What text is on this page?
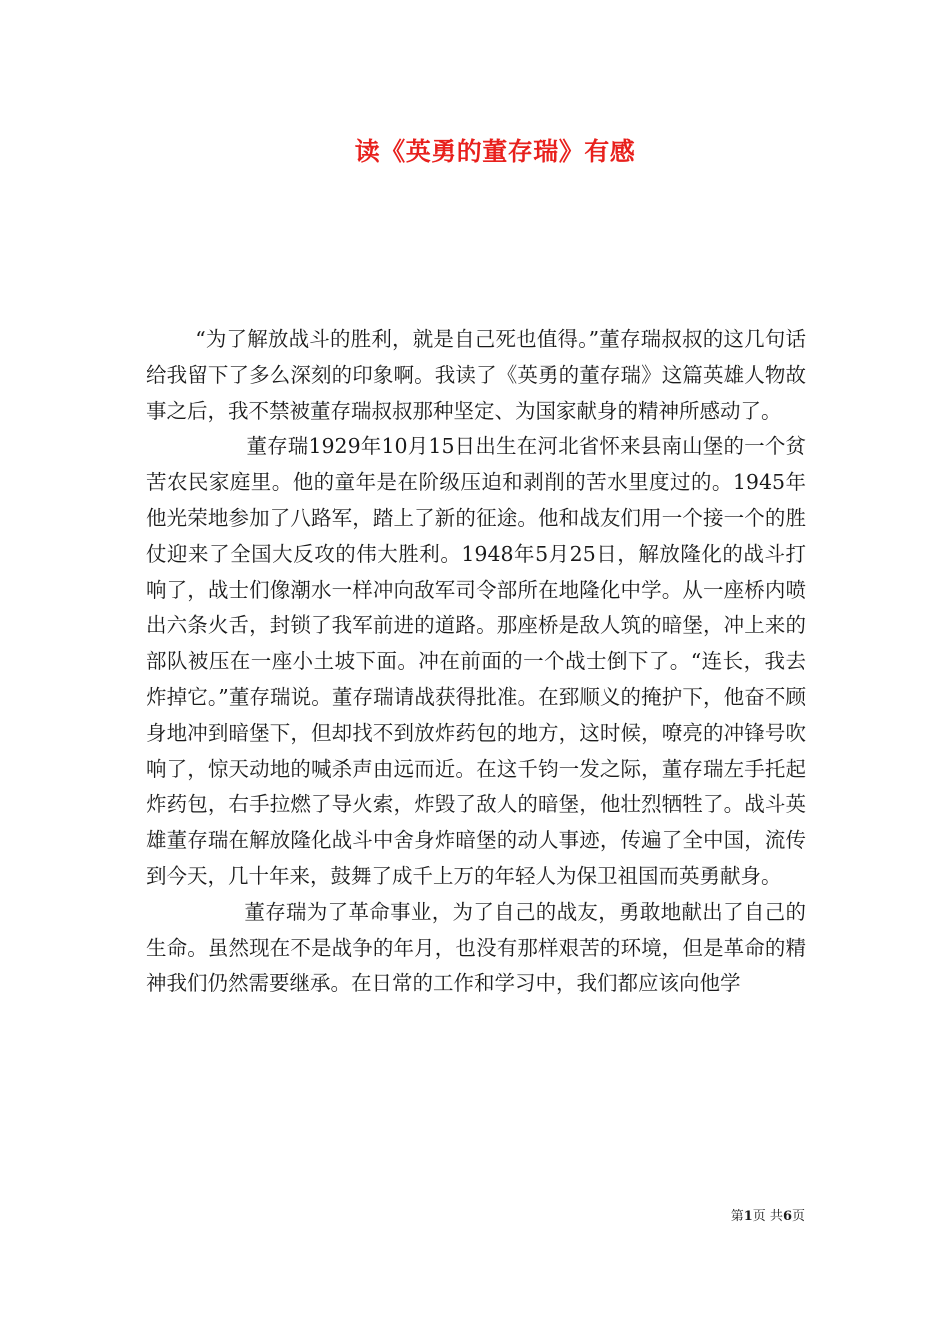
读《英勇的董存瑞》有感

“为了解放战斗的胜利，就是自己死也值得。”董存瑞叔叔的这几句话给我留下了多么深刻的印象啊。我读了《英勇的董存瑞》这篇英雄人物故事之后，我不禁被董存瑞叔叔那种坚定、为国家献身的精神所感动了。

董存瑞1929年10月15日出生在河北省怀来县南山堡的一个贫苦农民家庭里。他的童年是在阶级压迫和剥削的苦水里度过的。1945年他光荣地参加了八路军，踏上了新的征途。他和战友们用一个接一个的胜仗迎来了全国大反攻的伟大胜利。1948年5月25日，解放隆化的战斗打响了，战士们像潮水一样冲向敌军司令部所在地隆化中学。从一座桥内喷出六条火舌，封锁了我军前进的道路。那座桥是敌人筑的暗堡，冲上来的部队被压在一座小土坡下面。冲在前面的一个战士倒下了。“连长，我去炸掉它。”董存瑞说。董存瑞请战获得批准。在郅顺义的掩护下，他奋不顾身地冲到暗堡下，但却找不到放炸药包的地方，这时候，嘹亮的冲锋号吹响了，惊天动地的喊杀声由远而近。在这千钧一发之际，董存瑞左手托起炸药包，右手拉燃了导火索，炸毁了敌人的暗堡，他壮烈牺牲了。战斗英雄董存瑞在解放隆化战斗中舍身炸暗堡的动人事迹，传遍了全中国，流传到今天，几十年来，鼓舞了成千上万的年轻人为保卫祖国而英勇献身。

董存瑞为了革命事业，为了自己的战友，勇敢地献出了自己的生命。虽然现在不是战争的年月，也没有那样艰苦的环境，但是革命的精神我们仍然需要继承。在日常的工作和学习中，我们都应该向他学

第1页 共6页
